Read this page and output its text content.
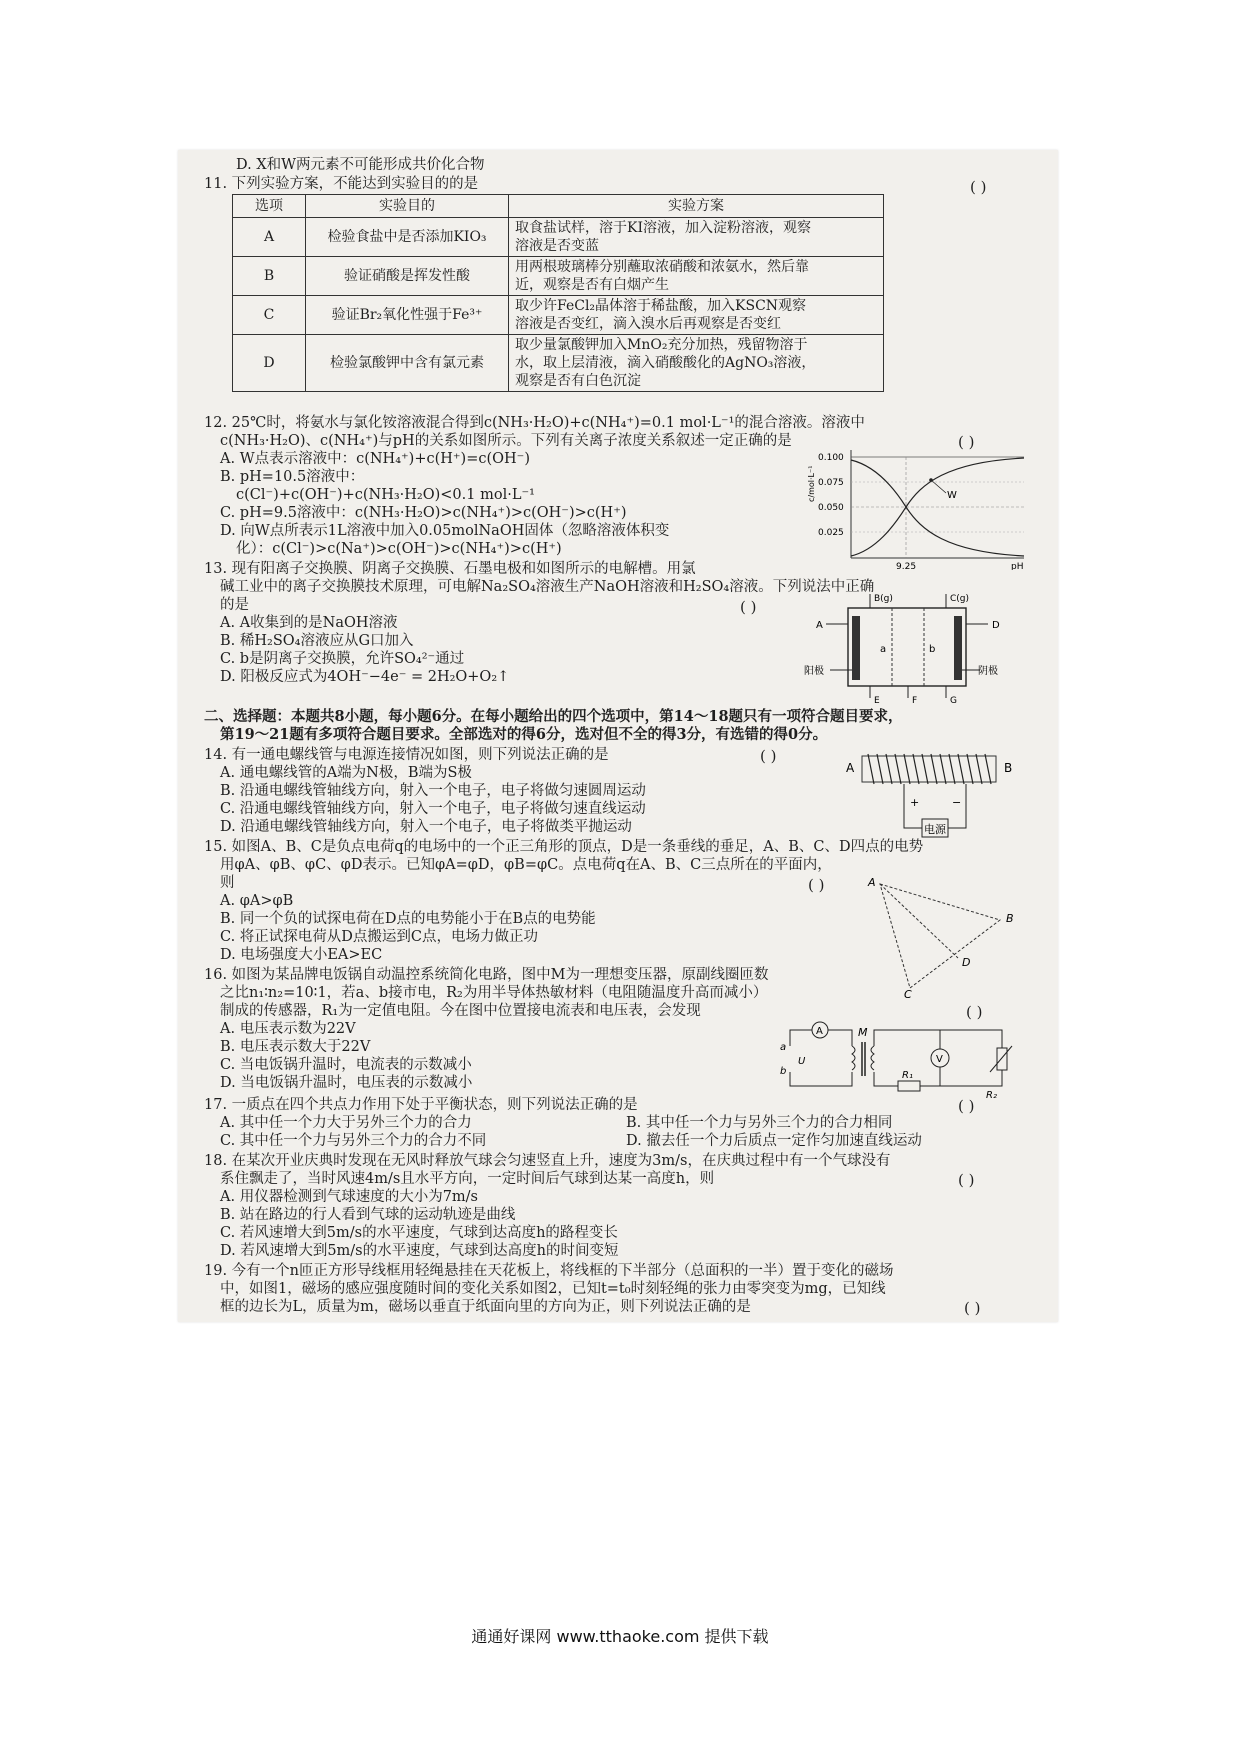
D. X和W两元素不可能形成共价化合物
11. 下列实验方案，不能达到实验目的的是	( )
选项	实验目的	实验方案
A	检验食盐中是否添加KIO₃	取食盐试样，溶于KI溶液，加入淀粉溶液，观察
溶液是否变蓝

B	验证硝酸是挥发性酸	用两根玻璃棒分别蘸取浓硝酸和浓氨水，然后靠
近，观察是否有白烟产生

C	验证Br₂氧化性强于Fe³⁺	取少许FeCl₂晶体溶于稀盐酸，加入KSCN观察
溶液是否变红，滴入溴水后再观察是否变红

D	检验氯酸钾中含有氯元素	取少量氯酸钾加入MnO₂充分加热，残留物溶于
水，取上层清液，滴入硝酸酸化的AgNO₃溶液，
观察是否有白色沉淀
12. 25℃时，将氨水与氯化铵溶液混合得到c(NH₃·H₂O)+c(NH₄⁺)=0.1 mol·L⁻¹的混合溶液。溶液中
c(NH₃·H₂O)、c(NH₄⁺)与pH的关系如图所示。下列有关离子浓度关系叙述一定正确的是	( )
A. W点表示溶液中：c(NH₄⁺)+c(H⁺)=c(OH⁻)
B. pH=10.5溶液中：
c(Cl⁻)+c(OH⁻)+c(NH₃·H₂O)<0.1 mol·L⁻¹
C. pH=9.5溶液中：c(NH₃·H₂O)>c(NH₄⁺)>c(OH⁻)>c(H⁺)
D. 向W点所表示1L溶液中加入0.05molNaOH固体（忽略溶液体积变
化）：c(Cl⁻)>c(Na⁺)>c(OH⁻)>c(NH₄⁺)>c(H⁺)
c/mol·L⁻¹
0.100
0.075
0.050
0.025
W
9.25	pH
13. 现有阳离子交换膜、阴离子交换膜、石墨电极和如图所示的电解槽。用氯
碱工业中的离子交换膜技术原理，可电解Na₂SO₄溶液生产NaOH溶液和H₂SO₄溶液。下列说法中正确
的是
A. A收集到的是NaOH溶液
B. 稀H₂SO₄溶液应从G口加入
C. b是阴离子交换膜，允许SO₄²⁻通过
D. 阳极反应式为4OH⁻−4e⁻ = 2H₂O+O₂↑
( )
a	b
B(g)	C(g)
A	D
E	F	G
阳极	阴极
二、选择题：本题共8小题，每小题6分。在每小题给出的四个选项中，第14～18题只有一项符合题目要求，
第19～21题有多项符合题目要求。全部选对的得6分，选对但不全的得3分，有选错的得0分。
14. 有一通电螺线管与电源连接情况如图，则下列说法正确的是	( )
A. 通电螺线管的A端为N极，B端为S极
B. 沿通电螺线管轴线方向，射入一个电子，电子将做匀速圆周运动
C. 沿通电螺线管轴线方向，射入一个电子，电子将做匀速直线运动
D. 沿通电螺线管轴线方向，射入一个电子，电子将做类平抛运动
A	B
+	−
电源
15. 如图A、B、C是负点电荷q的电场中的一个正三角形的顶点，D是一条垂线的垂足，A、B、C、D四点的电势
用φA、φB、φC、φD表示。已知φA=φD，φB=φC。点电荷q在A、B、C三点所在的平面内，
则	( )
A. φA>φB
B. 同一个负的试探电荷在D点的电势能小于在B点的电势能
C. 将正试探电荷从D点搬运到C点，电场力做正功
D. 电场强度大小EA>EC
A
B
C
D
16. 如图为某品牌电饭锅自动温控系统简化电路，图中M为一理想变压器，原副线圈匝数
之比n₁∶n₂=10∶1，若a、b接市电，R₂为用半导体热敏材料（电阻随温度升高而减小）
制成的传感器，R₁为一定值电阻。今在图中位置接电流表和电压表，会发现	( )
A. 电压表示数为22V
B. 电压表示数大于22V
C. 当电饭锅升温时，电流表的示数减小
D. 当电饭锅升温时，电压表的示数减小
a
b
U
A	M
R₁
V
R₂
17. 一质点在四个共点力作用下处于平衡状态，则下列说法正确的是	( )
A. 其中任一个力大于另外三个力的合力	B. 其中任一个力与另外三个力的合力相同
C. 其中任一个力与另外三个力的合力不同	D. 撤去任一个力后质点一定作匀加速直线运动
18. 在某次开业庆典时发现在无风时释放气球会匀速竖直上升，速度为3m/s，在庆典过程中有一个气球没有
系住飘走了，当时风速4m/s且水平方向，一定时间后气球到达某一高度h，则	( )
A. 用仪器检测到气球速度的大小为7m/s
B. 站在路边的行人看到气球的运动轨迹是曲线
C. 若风速增大到5m/s的水平速度，气球到达高度h的路程变长
D. 若风速增大到5m/s的水平速度，气球到达高度h的时间变短
19. 今有一个n匝正方形导线框用轻绳悬挂在天花板上，将线框的下半部分（总面积的一半）置于变化的磁场
中，如图1，磁场的感应强度随时间的变化关系如图2，已知t=t₀时刻轻绳的张力由零突变为mg，已知线
框的边长为L，质量为m，磁场以垂直于纸面向里的方向为正，则下列说法正确的是	( )
通通好课网 www.tthaoke.com 提供下载
